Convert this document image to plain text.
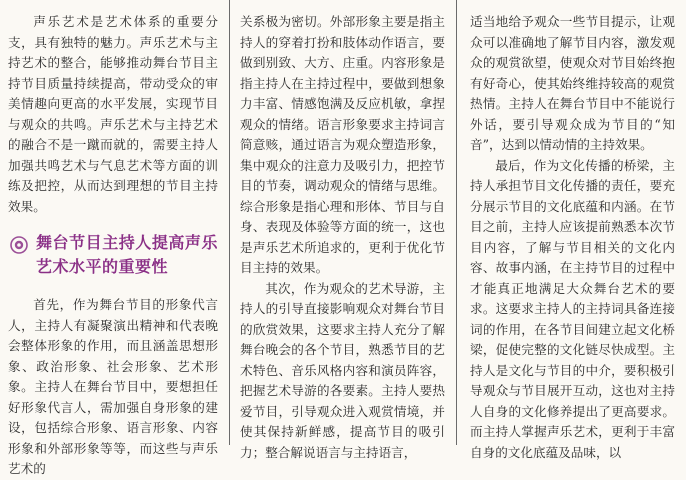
声乐艺术是艺术体系的重要分支，具有独特的魅力。声乐艺术与主持艺术的整合，能够推动舞台节目主持节目质量持续提高，带动受众的审美情趣向更高的水平发展，实现节目与观众的共鸣。声乐艺术与主持艺术的融合不是一蹴而就的，需要主持人加强共鸣艺术与气息艺术等方面的训练及把控，从而达到理想的节目主持效果。

舞台节目主持人提高声乐艺术水平的重要性

首先，作为舞台节目的形象代言人，主持人有凝聚演出精神和代表晚会整体形象的作用，而且涵盖思想形象、政治形象、社会形象、艺术形象。主持人在舞台节目中，要想担任好形象代言人，需加强自身形象的建设，包括综合形象、语言形象、内容形象和外部形象等等，而这些与声乐艺术的

关系极为密切。外部形象主要是指主持人的穿着打扮和肢体动作语言，要做到别致、大方、庄重。内容形象是指主持人在主持过程中，要做到想象力丰富、情感饱满及反应机敏，拿捏观众的情绪。语言形象要求主持词言简意赅，通过语言为观众塑造形象，集中观众的注意力及吸引力，把控节目的节奏，调动观众的情绪与思维。综合形象是指心理和形体、节目与自身、表现及体验等方面的统一，这也是声乐艺术所追求的，更利于优化节目主持的效果。

其次，作为观众的艺术导游，主持人的引导直接影响观众对舞台节目的欣赏效果，这要求主持人充分了解舞台晚会的各个节目，熟悉节目的艺术特色、音乐风格内容和演员阵容，把握艺术导游的各要素。主持人要热爱节目，引导观众进入观赏情境，并使其保持新鲜感，提高节目的吸引力；整合解说语言与主持语言，

适当地给予观众一些节目提示，让观众可以准确地了解节目内容，激发观众的观赏欲望，使观众对节目始终抱有好奇心，使其始终维持较高的观赏热情。主持人在舞台节目中不能说行外话，要引导观众成为节目的“知音”，达到以情动情的主持效果。

最后，作为文化传播的桥梁，主持人承担节目文化传播的责任，要充分展示节目的文化底蕴和内涵。在节目之前，主持人应该提前熟悉本次节目内容，了解与节目相关的文化内容、故事内涵，在主持节目的过程中才能真正地满足大众舞台艺术的要求。这要求主持人的主持词具备连接词的作用，在各节目间建立起文化桥梁，促使完整的文化链尽快成型。主持人是文化与节目的中介，要积极引导观众与节目展开互动，这也对主持人自身的文化修养提出了更高要求。而主持人掌握声乐艺术，更利于丰富自身的文化底蕴及品味，以
